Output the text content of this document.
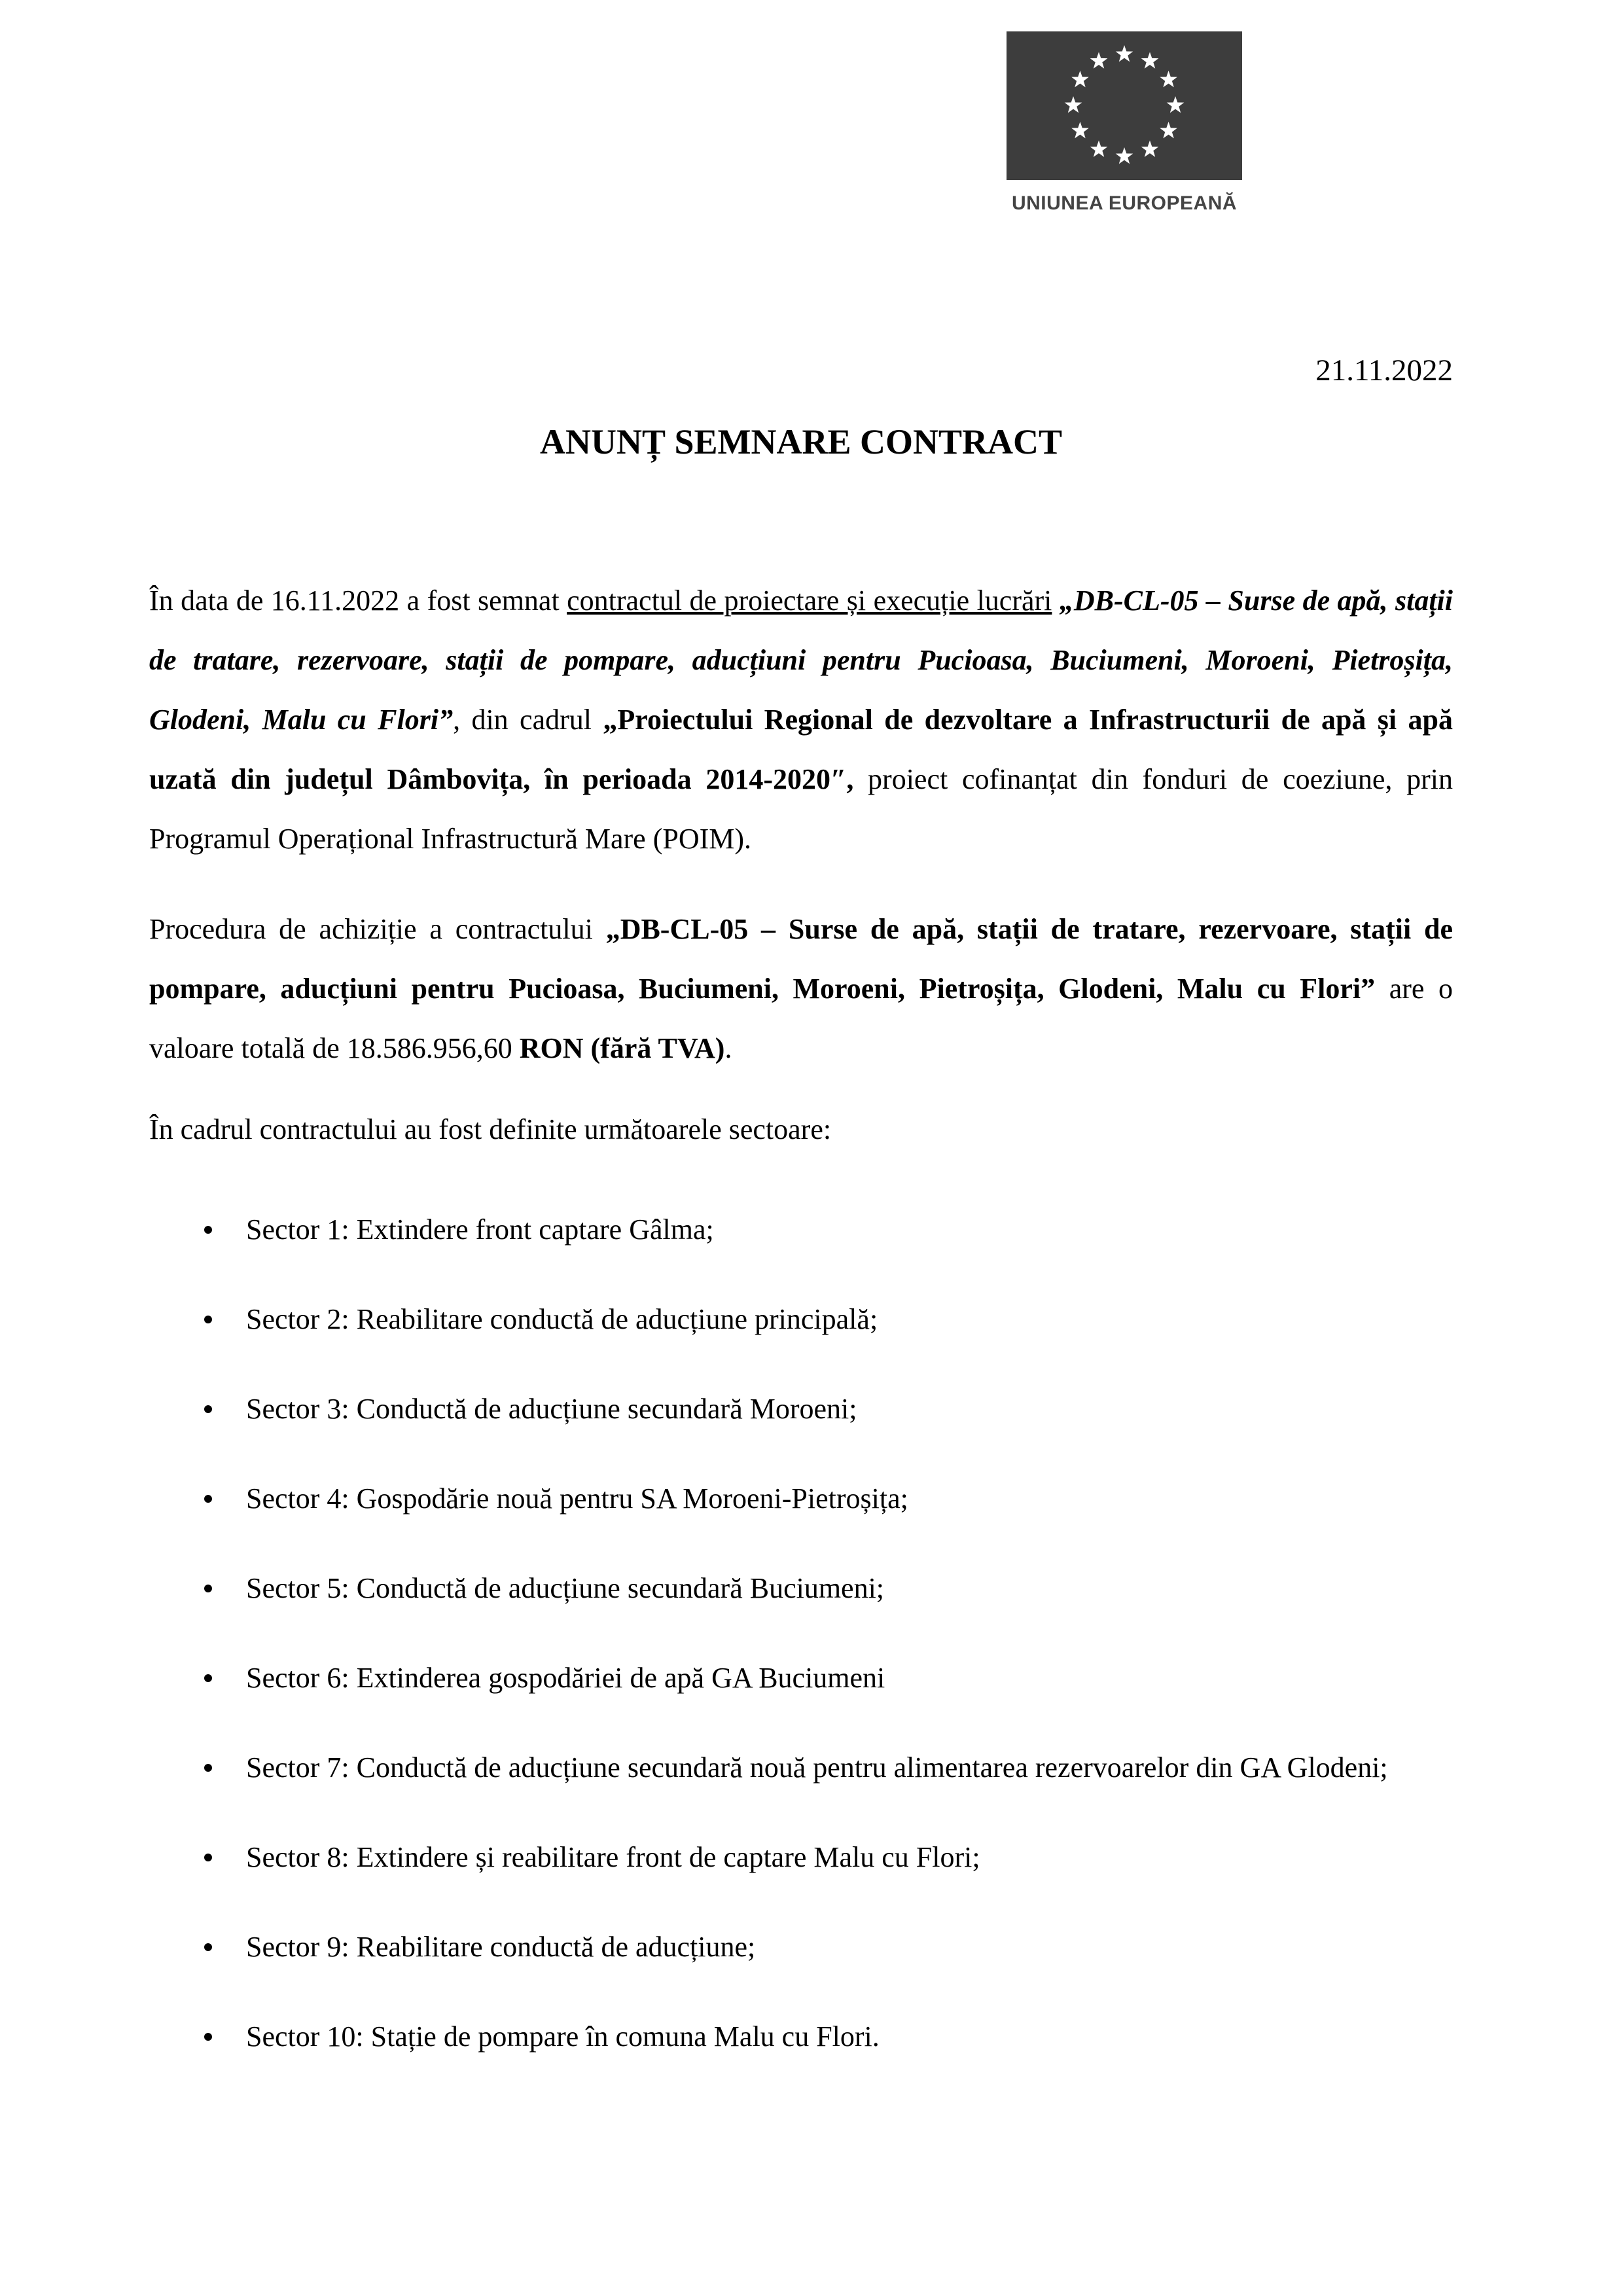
UNIUNEA EUROPEANĂ
21.11.2022
ANUNȚ SEMNARE CONTRACT

În data de 16.11.2022 a fost semnat contractul de proiectare și execuție lucrări „DB-CL-05 – Surse de apă, stații de tratare, rezervoare, stații de pompare, aducțiuni pentru Pucioasa, Buciumeni, Moroeni, Pietroșița, Glodeni, Malu cu Flori”, din cadrul „Proiectului Regional de dezvoltare a Infrastructurii de apă și apă uzată din județul Dâmbovița, în perioada 2014-2020″, proiect cofinanțat din fonduri de coeziune, prin Programul Operațional Infrastructură Mare (POIM).

Procedura de achiziție a contractului „DB-CL-05 – Surse de apă, stații de tratare, rezervoare, stații de pompare, aducțiuni pentru Pucioasa, Buciumeni, Moroeni, Pietroșița, Glodeni, Malu cu Flori” are o valoare totală de 18.586.956,60 RON (fără TVA).

În cadrul contractului au fost definite următoarele sectoare:

Sector 1: Extindere front captare Gâlma;
Sector 2: Reabilitare conductă de aducțiune principală;
Sector 3: Conductă de aducțiune secundară Moroeni;
Sector 4: Gospodărie nouă pentru SA Moroeni-Pietroșița;
Sector 5: Conductă de aducțiune secundară Buciumeni;
Sector 6: Extinderea gospodăriei de apă GA Buciumeni
Sector 7: Conductă de aducțiune secundară nouă pentru alimentarea rezervoarelor din GA Glodeni;
Sector 8: Extindere și reabilitare front de captare Malu cu Flori;
Sector 9: Reabilitare conductă de aducțiune;
Sector 10: Stație de pompare în comuna Malu cu Flori.
